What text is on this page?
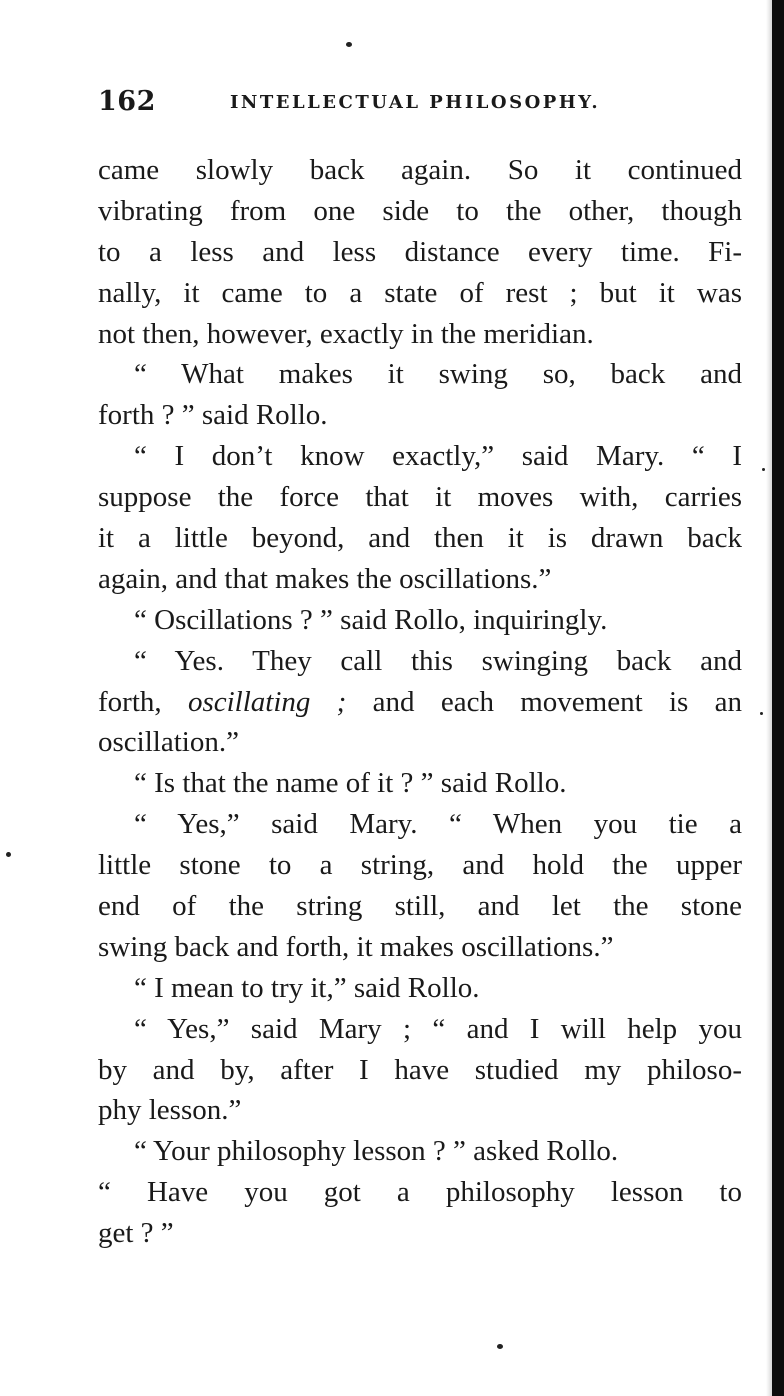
162	INTELLECTUAL PHILOSOPHY.
came slowly back again. So it continued
vibrating from one side to the other, though
to a less and less distance every time. Fi-
nally, it came to a state of rest ; but it was
not then, however, exactly in the meridian.
“ What makes it swing so, back and
forth ? ” said Rollo.
“ I don’t know exactly,” said Mary. “ I
suppose the force that it moves with, carries
it a little beyond, and then it is drawn back
again, and that makes the oscillations.”
“ Oscillations ? ” said Rollo, inquiringly.
“ Yes. They call this swinging back and
forth, oscillating ; and each movement is an
oscillation.”
“ Is that the name of it ? ” said Rollo.
“ Yes,” said Mary. “ When you tie a
little stone to a string, and hold the upper
end of the string still, and let the stone
swing back and forth, it makes oscillations.”
“ I mean to try it,” said Rollo.
“ Yes,” said Mary ; “ and I will help you
by and by, after I have studied my philoso-
phy lesson.”
“ Your philosophy lesson ? ” asked Rollo.
“ Have you got a philosophy lesson to
get ? ”
